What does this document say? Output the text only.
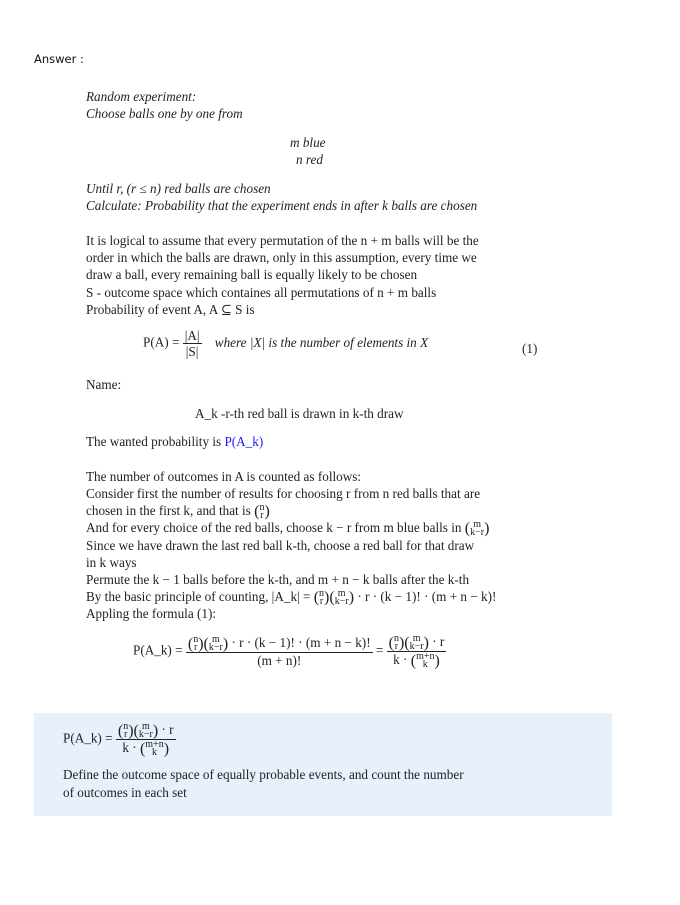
Answer :
Random experiment:
Choose balls one by one from
m blue
n red
Until r, (r ≤ n) red balls are chosen
Calculate: Probability that the experiment ends in after k balls are chosen
It is logical to assume that every permutation of the n + m balls will be the
order in which the balls are drawn, only in this assumption, every time we
draw a ball, every remaining ball is equally likely to be chosen
S - outcome space which containes all permutations of n + m balls
Probability of event A, A ⊆ S is
$P(A) = \frac{|A|}{|S|}$ where |X| is the number of elements in X	(1)
Name:
A_k -r-th red ball is drawn in k-th draw
The wanted probability is P(A_k)
The number of outcomes in A is counted as follows:
Consider first the number of results for choosing r from n red balls that are
chosen in the first k, and that is ( n
r )
And for every choice of the red balls, choose k − r from m blue balls in ( m
k−r )
Since we have drawn the last red ball k-th, choose a red ball for that draw
in k ways
Permute the k − 1 balls before the k-th, and m + n − k balls after the k-th
By the basic principle of counting, |A_k| = ( n
r )( m
k−r ) · r · (k − 1)! · (m + n − k)!
Appling the formula (1):
P(A_k) = ( n
r )( m
k−r ) · r · (k − 1)! · (m + n − k)!
(m + n)! = ( n
r )( m
k−r ) · r
k · ( m+n
k )
P(A_k) = ( n
r )( m
k−r ) · r
k · ( m+n
k )
Define the outcome space of equally probable events, and count the number
of outcomes in each set
